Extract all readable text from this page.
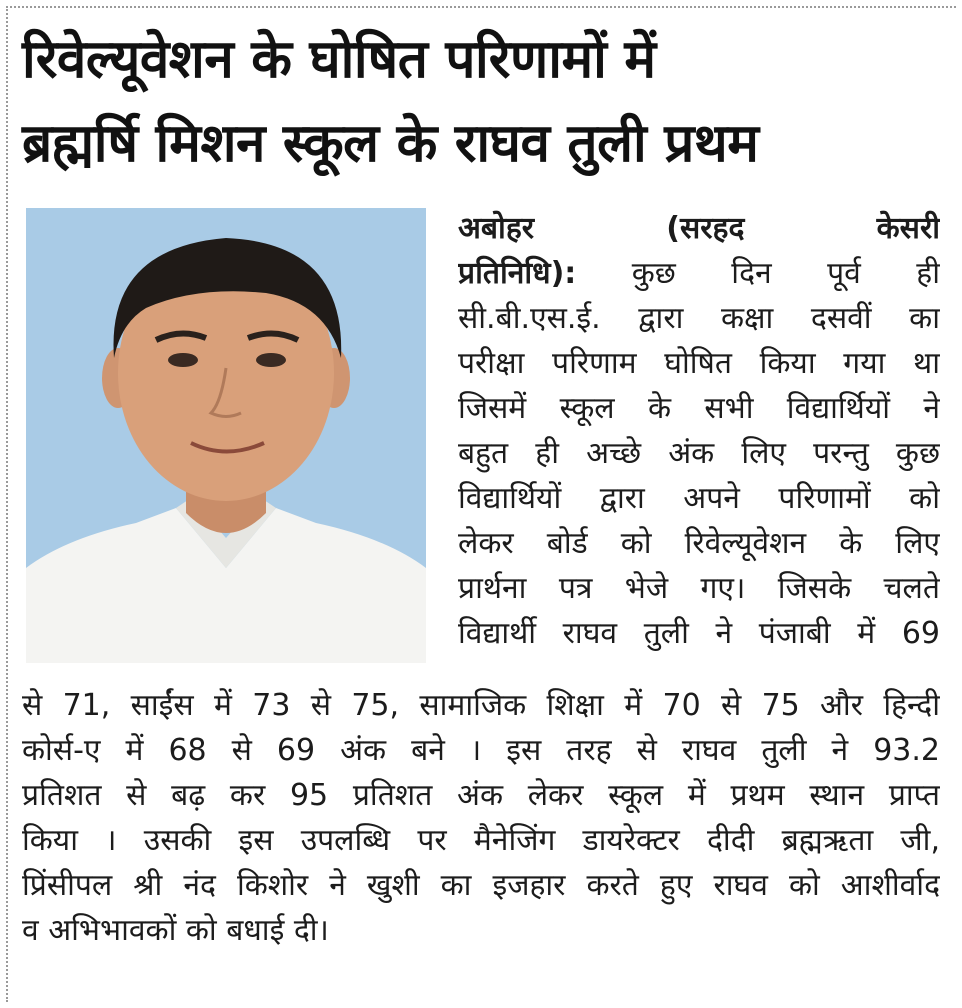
रिवेल्यूवेशन के घोषित परिणामों में
ब्रह्मर्षि मिशन स्कूल के राघव तुली प्रथम
अबोहर (सरहद केसरी
प्रतिनिधि): कुछ दिन पूर्व ही
सी.बी.एस.ई. द्वारा कक्षा दसवीं का
परीक्षा परिणाम घोषित किया गया था
जिसमें स्कूल के सभी विद्यार्थियों ने
बहुत ही अच्छे अंक लिए परन्तु कुछ
विद्यार्थियों द्वारा अपने परिणामों को
लेकर बोर्ड को रिवेल्यूवेशन के लिए
प्रार्थना पत्र भेजे गए। जिसके चलते
विद्यार्थी राघव तुली ने पंजाबी में 69
से 71, साईंस में 73 से 75, सामाजिक शिक्षा में 70 से 75 और हिन्दी
कोर्स-ए में 68 से 69 अंक बने । इस तरह से राघव तुली ने 93.2
प्रतिशत से बढ़ कर 95 प्रतिशत अंक लेकर स्कूल में प्रथम स्थान प्राप्त
किया । उसकी इस उपलब्धि पर मैनेजिंग डायरेक्टर दीदी ब्रह्मऋता जी,
प्रिंसीपल श्री नंद किशोर ने खुशी का इजहार करते हुए राघव को आशीर्वाद
व अभिभावकों को बधाई दी।
